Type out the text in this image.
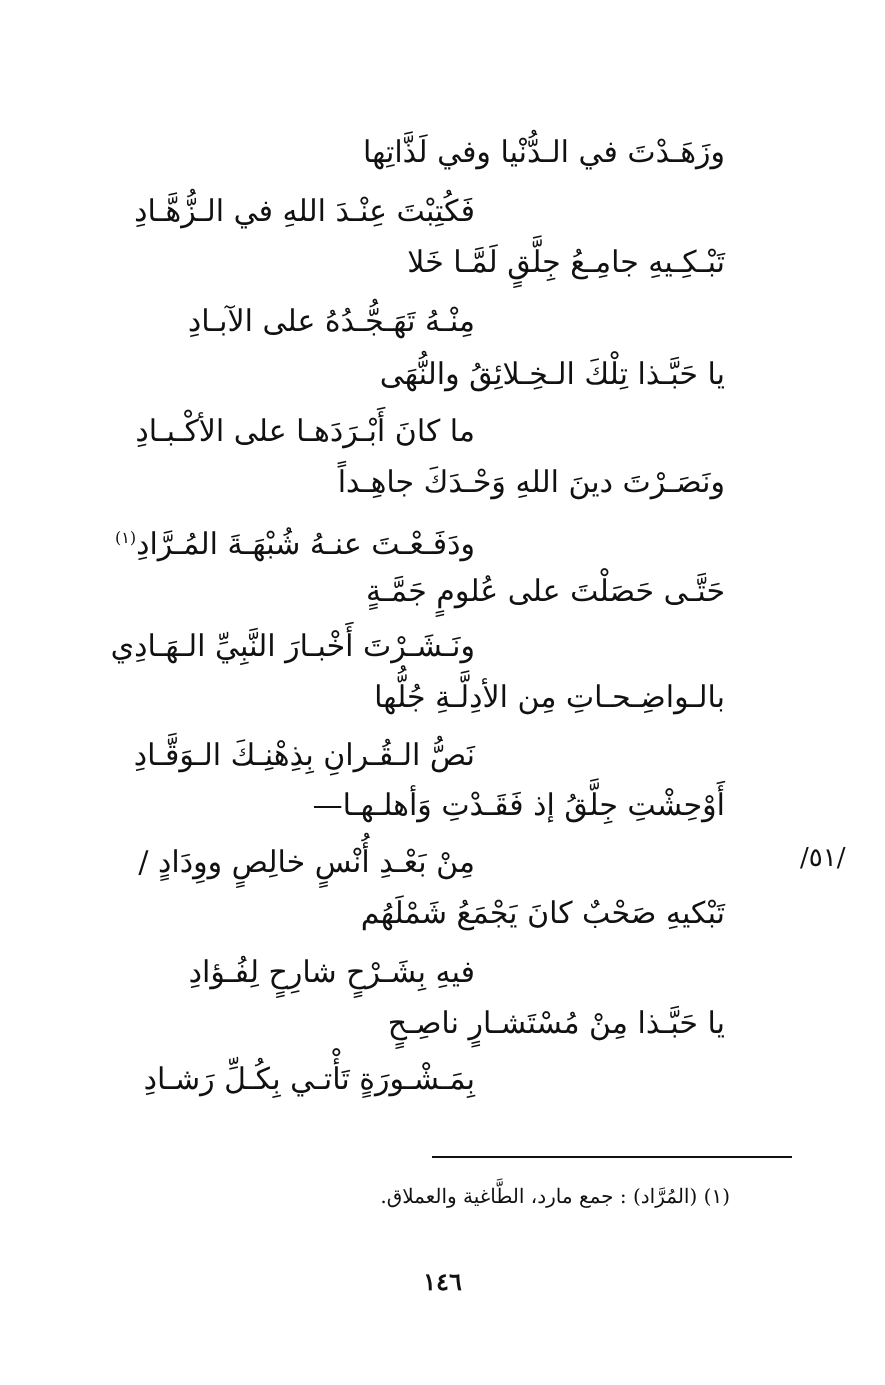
وزَهَـدْتَ في الـدُّنْيا وفي لَذَّاتِها
فَكُتِبْتَ عِنْـدَ اللهِ في الـزُّهَّـادِ
تَبْـكِـيهِ جامِـعُ جِلَّقٍ لَمَّـا خَلا
مِنْـهُ تَهَـجُّـدُهُ على الآبـادِ
يا حَبَّـذا تِلْكَ الـخِـلائِقُ والنُّهَى
ما كانَ أَبْـرَدَهـا على الأكْـبـادِ
ونَصَـرْتَ دينَ اللهِ وَحْـدَكَ جاهِـداً
ودَفَـعْـتَ عنـهُ شُبْهَـةَ المُـرَّادِ$^{(١)}$
حَتَّـى حَصَلْتَ على عُلومٍ جَمَّـةٍ
ونَـشَـرْتَ أَخْبـارَ النَّبِيِّ الـهَـادِي
بالـواضِـحـاتِ مِن الأدِلَّـةِ جُلُّها
نَصُّ الـقُـرانِ بِذِهْنِـكَ الـوَقَّـادِ
أَوْحِشْتِ جِلَّقُ إذ فَقَـدْتِ وَأهلـهـا—
مِنْ بَعْـدِ أُنْسٍ خالِصٍ ووِدَادٍ /	/٥١/
تَبْكيهِ صَحْبٌ كانَ يَجْمَعُ شَمْلَهُم
فيهِ بِشَـرْحٍ شارِحٍ لِفُـؤادِ
يا حَبَّـذا مِنْ مُسْتَشـارٍ ناصِـحٍ
بِمَـشْـورَةٍ تَأْتـي بِكُـلِّ رَشـادِ
(١) (المُرَّاد) : جمع مارد، الطَّاغية والعملاق.
١٤٦
